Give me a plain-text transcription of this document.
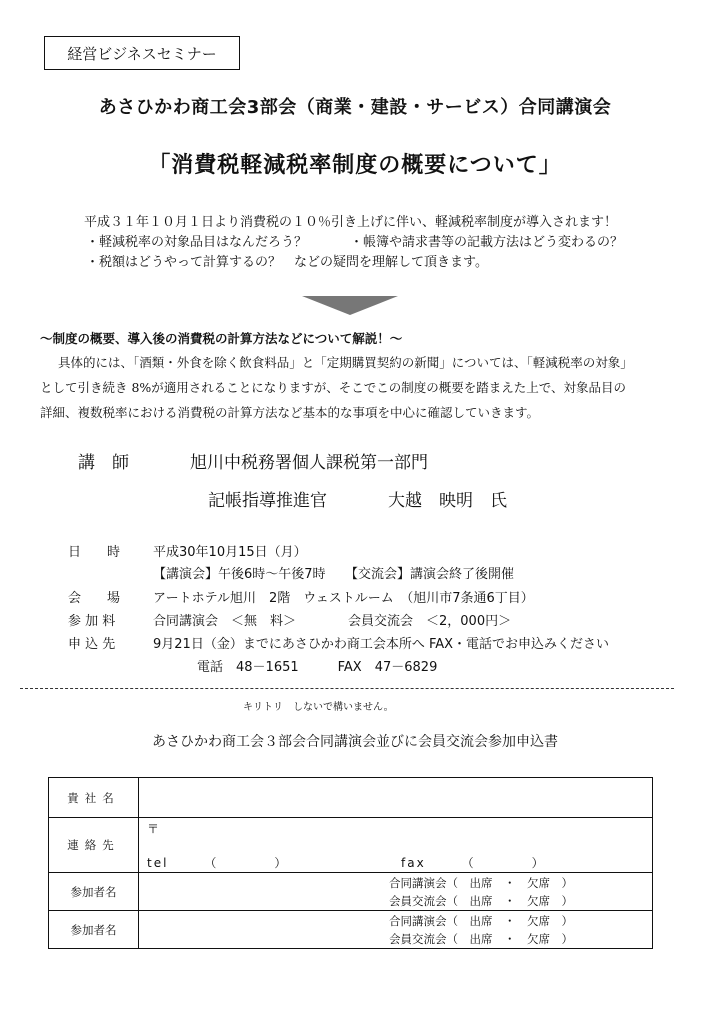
経営ビジネスセミナー
あさひかわ商工会3部会（商業・建設・サービス）合同講演会
「消費税軽減税率制度の概要について」
平成３１年１０月１日より消費税の１０％引き上げに伴い、軽減税率制度が導入されます！
・軽減税率の対象品目はなんだろう？	・帳簿や請求書等の記載方法はどう変わるの？
・税額はどうやって計算するの？　などの疑問を理解して頂きます。
～制度の概要、導入後の消費税の計算方法などについて解説！～

具体的には、「酒類・外食を除く飲食料品」と「定期購買契約の新聞」については、「軽減税率の対象」

として引き続き 8%が適用されることになりますが、そこでこの制度の概要を踏まえた上で、対象品目の

詳細、複数税率における消費税の計算方法など基本的な事項を中心に確認していきます。

講　師	旭川中税務署個人課税第一部門
記帳指導推進官	大越　映明　氏
日　　時	平成30年10月15日（月）
【講演会】午後6時～午後7時　　【交流会】講演会終了後開催
会　　場	アートホテル旭川　2階　ウェストルーム　（旭川市7条通6丁目）
参 加 料	合同講演会　＜無　料＞　　　　会員交流会　＜2，000円＞
申 込 先	9月21日（金）までにあさひかわ商工会本所へ FAX・電話でお申込みください
電話　48－1651　　　FAX　47－6829
キリトリ　しないで構いません。
あさひかわ商工会３部会合同講演会並びに会員交流会参加申込書
貴社名	
連絡先	〒
tel　　　（　　　　） fax　　　（　　　　）

参加者名	合同講演会（　出席　・　欠席　）
会員交流会（　出席　・　欠席　）

参加者名	合同講演会（　出席　・　欠席　）
会員交流会（　出席　・　欠席　）
